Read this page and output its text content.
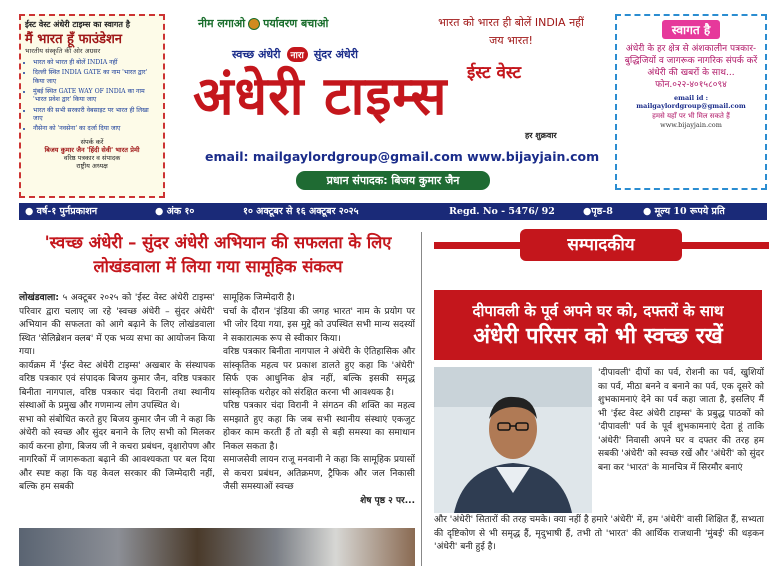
ईस्ट वेस्ट अंधेरी टाइम्स का स्वागत है
मैं भारत हूँ फाउंडेशन
भारतीय संस्कृति की ओर अग्रसर
• भारत को भारत ही बोलें INDIA नहीं
• दिल्ली स्थित INDIA GATE का नाम 'भारत द्वार' किया जाए
• मुंबई स्थित GATE WAY OF INDIA का नाम 'भारत प्रवेश द्वार' किया जाए
• भारत की सभी सरकारी वेबसाइट पर भारत ही लिखा जाए
• नौसेना को 'नवसेना' का दर्जा दिया जाए
संपर्क करें
बिजय कुमार जैन 'हिंदी सेवी' भारत प्रेमी
वरिष्ठ पत्रकार व संपादक
राष्ट्रीय अध्यक्ष
नीम लगाओ पर्यावरण बचाओ	भारत को भारत ही बोलें INDIA नहीं
जय भारत!
स्वच्छ अंधेरी नारा सुंदर अंधेरी
ईस्ट वेस्ट
अंधेरी टाइम्स
हर शुक्रवार
email: mailgaylordgroup@gmail.com www.bijayjain.com
प्रधान संपादक: बिजय कुमार जैन
स्वागत है
अंधेरी के हर क्षेत्र से अंशकालीन पत्रकार-बुद्धिजियों व जागरूक नागरिक संपर्क करें अंधेरी की खबरों के साथ... फोन.०२२-४०१५८०९४
email id : mailgaylordgroup@gmail.com
हमसे यहाँ पर भी मिल सकते हैं
www.bijayjain.com
● वर्ष-१ पुर्नप्रकाशन	● अंक १०	१० अक्टूबर से १६ अक्टूबर २०२५	Regd. No - 5476/ 92	●पृष्ठ-8	● मूल्य 10 रूपये प्रति
'स्वच्छ अंधेरी – सुंदर अंधेरी अभियान की सफलता के लिए लोखंडवाला में लिया गया सामूहिक संकल्प

लोखंडवाला: ५ अक्टूबर २०२५ को 'ईस्ट वेस्ट अंधेरी टाइम्स' परिवार द्वारा चलाए जा रहे 'स्वच्छ अंधेरी – सुंदर अंधेरी' अभियान की सफलता को आगे बढ़ाने के लिए लोखंडवाला स्थित 'सेलिब्रेशन क्लब' में एक भव्य सभा का आयोजन किया गया।

कार्यक्रम में 'ईस्ट वेस्ट अंधेरी टाइम्स' अखबार के संस्थापक वरिष्ठ पत्रकार एवं संपादक बिजय कुमार जैन, वरिष्ठ पत्रकार बिनीता नागपाल, वरिष्ठ पत्रकार चंदा विरानी तथा स्थानीय संस्थाओं के प्रमुख और गणमान्य लोग उपस्थित थे।

सभा को संबोधित करते हुए बिजय कुमार जैन जी ने कहा कि अंधेरी को स्वच्छ और सुंदर बनाने के लिए सभी को मिलकर कार्य करना होगा, बिजय जी ने कचरा प्रबंधन, वृक्षारोपण और नागरिकों में जागरूकता बढ़ाने की आवश्यकता पर बल दिया और स्पष्ट कहा कि यह केवल सरकार की जिम्मेदारी नहीं, बल्कि हम सबकी

सामूहिक जिम्मेदारी है।

चर्चा के दौरान 'इंडिया की जगह भारत' नाम के प्रयोग पर भी जोर दिया गया, इस मुद्दे को उपस्थित सभी मान्य सदस्यों ने सकारात्मक रूप से स्वीकार किया।

वरिष्ठ पत्रकार बिनीता नागपाल ने अंधेरी के ऐतिहासिक और सांस्कृतिक महत्व पर प्रकाश डालते हुए कहा कि 'अंधेरी' सिर्फ एक आधुनिक क्षेत्र नहीं, बल्कि इसकी समृद्ध सांस्कृतिक धरोहर को संरक्षित करना भी आवश्यक है।

परिष्ठ पत्रकार चंदा विरानी ने संगठन की शक्ति का महत्व समझाते हुए कहा कि जब सभी स्थानीय संस्थाएं एकजुट होकर काम करती हैं तो बड़ी से बड़ी समस्या का समाधान निकल सकता है।

समाजसेवी लायन राजू मनवानी ने कहा कि सामूहिक प्रयासों से कचरा प्रबंधन, अतिक्रमण, ट्रैफिक और जल निकासी जैसी समस्याओं स्वच्छ

शेष पृष्ठ २ पर...

सम्पादकीय
दीपावली के पूर्व अपने घर को, दफ्तरों के साथ
अंधेरी परिसर को भी स्वच्छ रखें
'दीपावली' दीपों का पर्व, रोशनी का पर्व, खुशियों का पर्व, मीठा बनने व बनाने का पर्व, एक दूसरे को शुभकामनाएं देने का पर्व कहा जाता है, इसलिए मैं भी 'ईस्ट वेस्ट अंधेरी टाइम्स' के प्रबुद्ध पाठकों को 'दीपावली' पर्व के पूर्व शुभकामनाएं देता हूं ताकि 'अंधेरी' निवासी अपने घर व दफ्तर की तरह हम सबकी 'अंधेरी' को स्वच्छ रखें और 'अंधेरी' को सुंदर बना कर 'भारत' के मानचित्र में सिरमौर बनाएं
और 'अंधेरी' सितारों की तरह चमके। क्या नहीं है हमारे 'अंधेरी' में, हम 'अंधेरी' वासी शिक्षित हैं, सभ्यता की दृष्टिकोण से भी समृद्ध हैं, मृदुभाषी हैं, तभी तो 'भारत' की आर्थिक राजधानी 'मुंबई' की धड़कन 'अंधेरी' बनी हुई है।
